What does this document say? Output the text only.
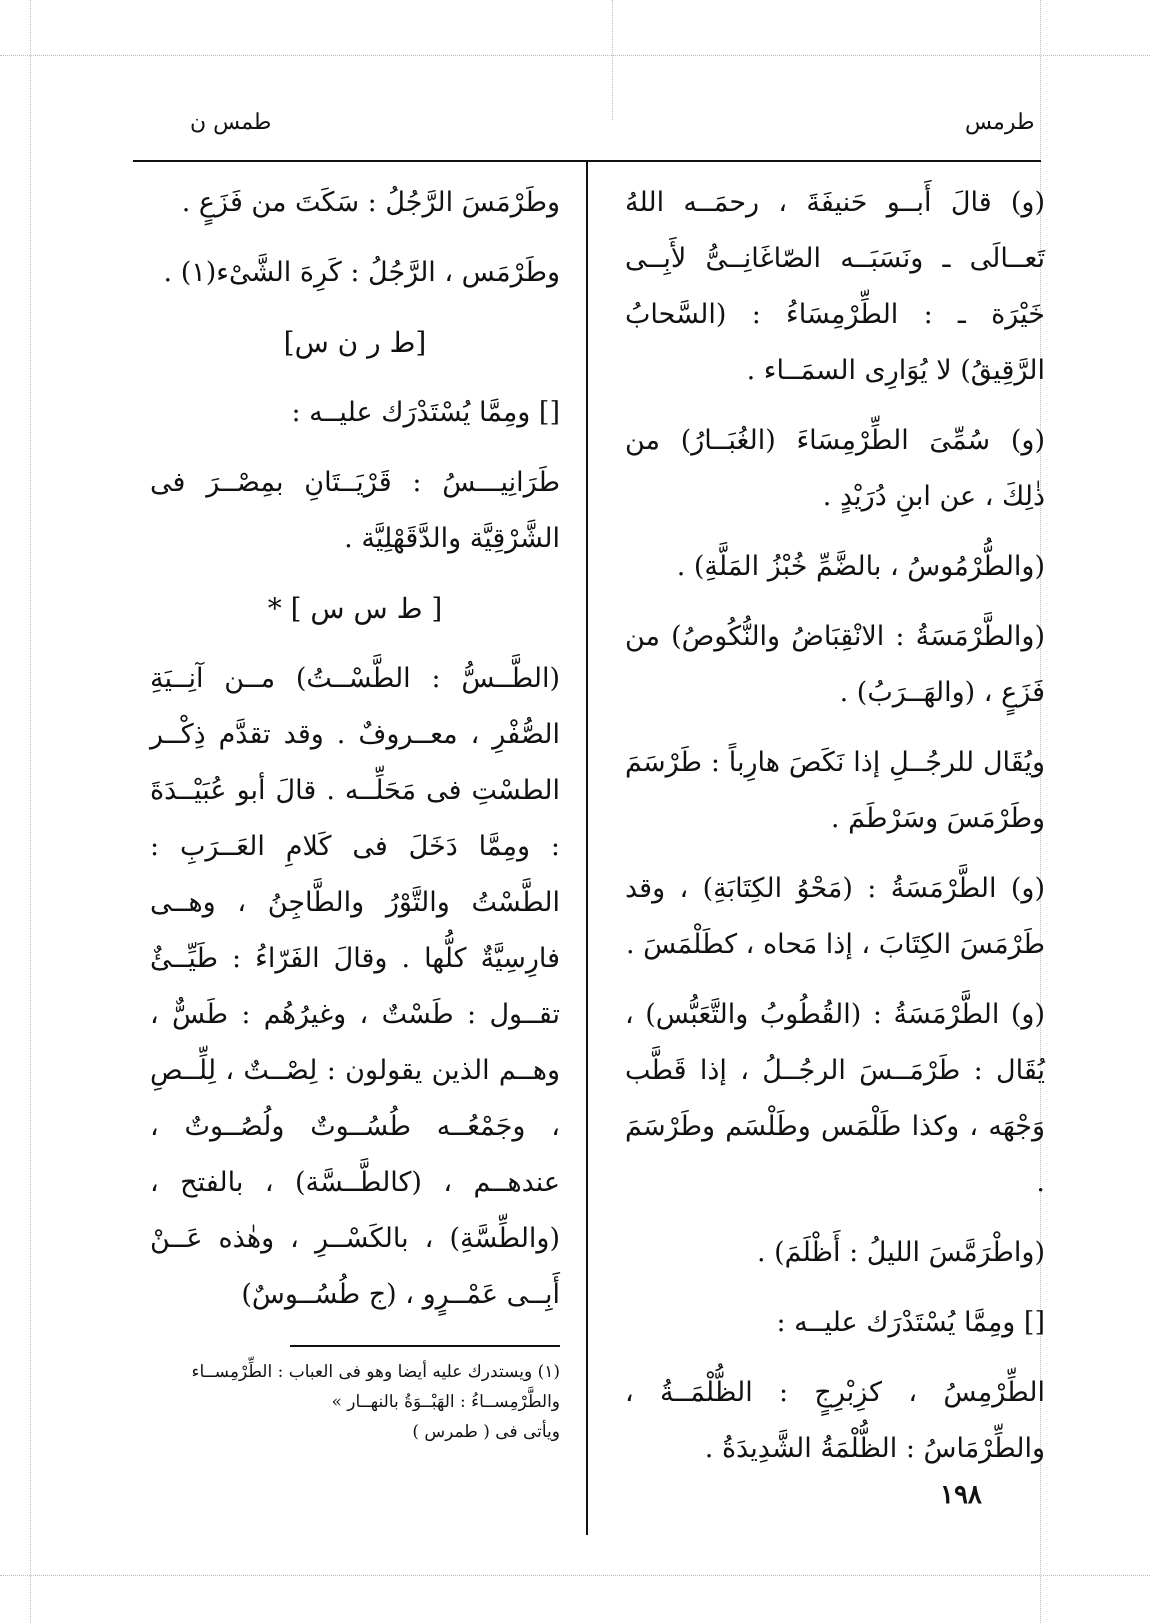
طمس ن	طرمس

(و) قالَ أَبــو حَنيفَةَ ، رحمَــه اللهُ تَعــالَى ـ ونَسَبَــه الصّاغَانِــىُّ لأَبِــى خَيْرَة ـ : الطِّرْمِسَاءُ : (السَّحابُ الرَّقِيقُ) لا يُوَارِى السمَــاء .

(و) سُمِّىَ الطِّرْمِسَاءَ (الغُبَــارُ) من ذٰلِكَ ، عن ابنِ دُرَيْدٍ .

(والطُّرْمُوسُ ، بالضَّمِّ خُبْزُ المَلَّةِ) .

(والطَّرْمَسَةُ : الانْقِبَاضُ والنُّكُوصُ) من فَزَعٍ ، (والهَــرَبُ) .

ويُقَال للرجُــلِ إذا نَكَصَ هارِباً : طَرْسَمَ وطَرْمَسَ وسَرْطَمَ .

(و) الطَّرْمَسَةُ : (مَحْوُ الكِتَابَةِ) ، وقد طَرْمَسَ الكِتَابَ ، إذا مَحاه ، كطَلْمَسَ .

(و) الطَّرْمَسَةُ : (القُطُوبُ والتَّعَبُّس) ، يُقَال : طَرْمَــسَ الرجُــلُ ، إذا قَطَّب وَجْهَه ، وكذا طَلْمَس وطَلْسَم وطَرْسَمَ .

(واطْرَمَّسَ الليلُ : أَظْلَمَ) .

[] ومِمَّا يُسْتَدْرَك عليــه :

الطِّرْمِسُ ، كزِبْرِجٍ : الظُّلْمَــةُ ، والطِّرْمَاسُ : الظُّلْمَةُ الشَّدِيدَةُ .

وطَرْمَسَ الرَّجُلُ : سَكَتَ من فَزَعٍ .

وطَرْمَس ، الرَّجُلُ : كَرِهَ الشَّىْء(١) .

[ط ر ن س]

[] ومِمَّا يُسْتَدْرَك عليــه :

طَرَانِيـــسُ : قَرْيَــتَانِ بمِصْــرَ فى الشَّرْقِيَّة والدَّقَهْلِيَّة .

[ ط س س ] *

(الطَّــسُّ : الطَّسْــتُ) مــن آنِــيَةِ الصُّفْرِ ، معــروفٌ . وقد تقدَّم ذِكْــر الطسْتِ فى مَحَلِّــه . قالَ أبو عُبَيْــدَةَ : ومِمَّا دَخَلَ فى كَلامِ العَــرَبِ : الطَّسْتُ والتَّوْرُ والطَّاجِنُ ، وهــى فارِسِيَّةٌ كلُّها . وقالَ الفَرّاءُ : طَيِّــئٌ تقــول : طَسْتٌ ، وغيرُهُم : طَسٌّ ، وهــم الذين يقولون : لِصْــتٌ ، لِلِّــصِ ، وجَمْعُــه طُسُــوتٌ ولُصُــوتٌ ، عندهــم ، (كالطَّــسَّة) ، بالفتح ، (والطِّسَّةِ) ، بالكَسْــرِ ، وهٰذه عَــنْ أَبِــى عَمْــرٍو ، (ج طُسُــوسٌ)

(١) ويستدرك عليه أيضا وهو فى العباب : الطِّرْمِســاء
والطَّرْمِســاءُ : الهَبْــوَةُ بالنهــار »
ويأتى فى ( طمرس )
١٩٨
